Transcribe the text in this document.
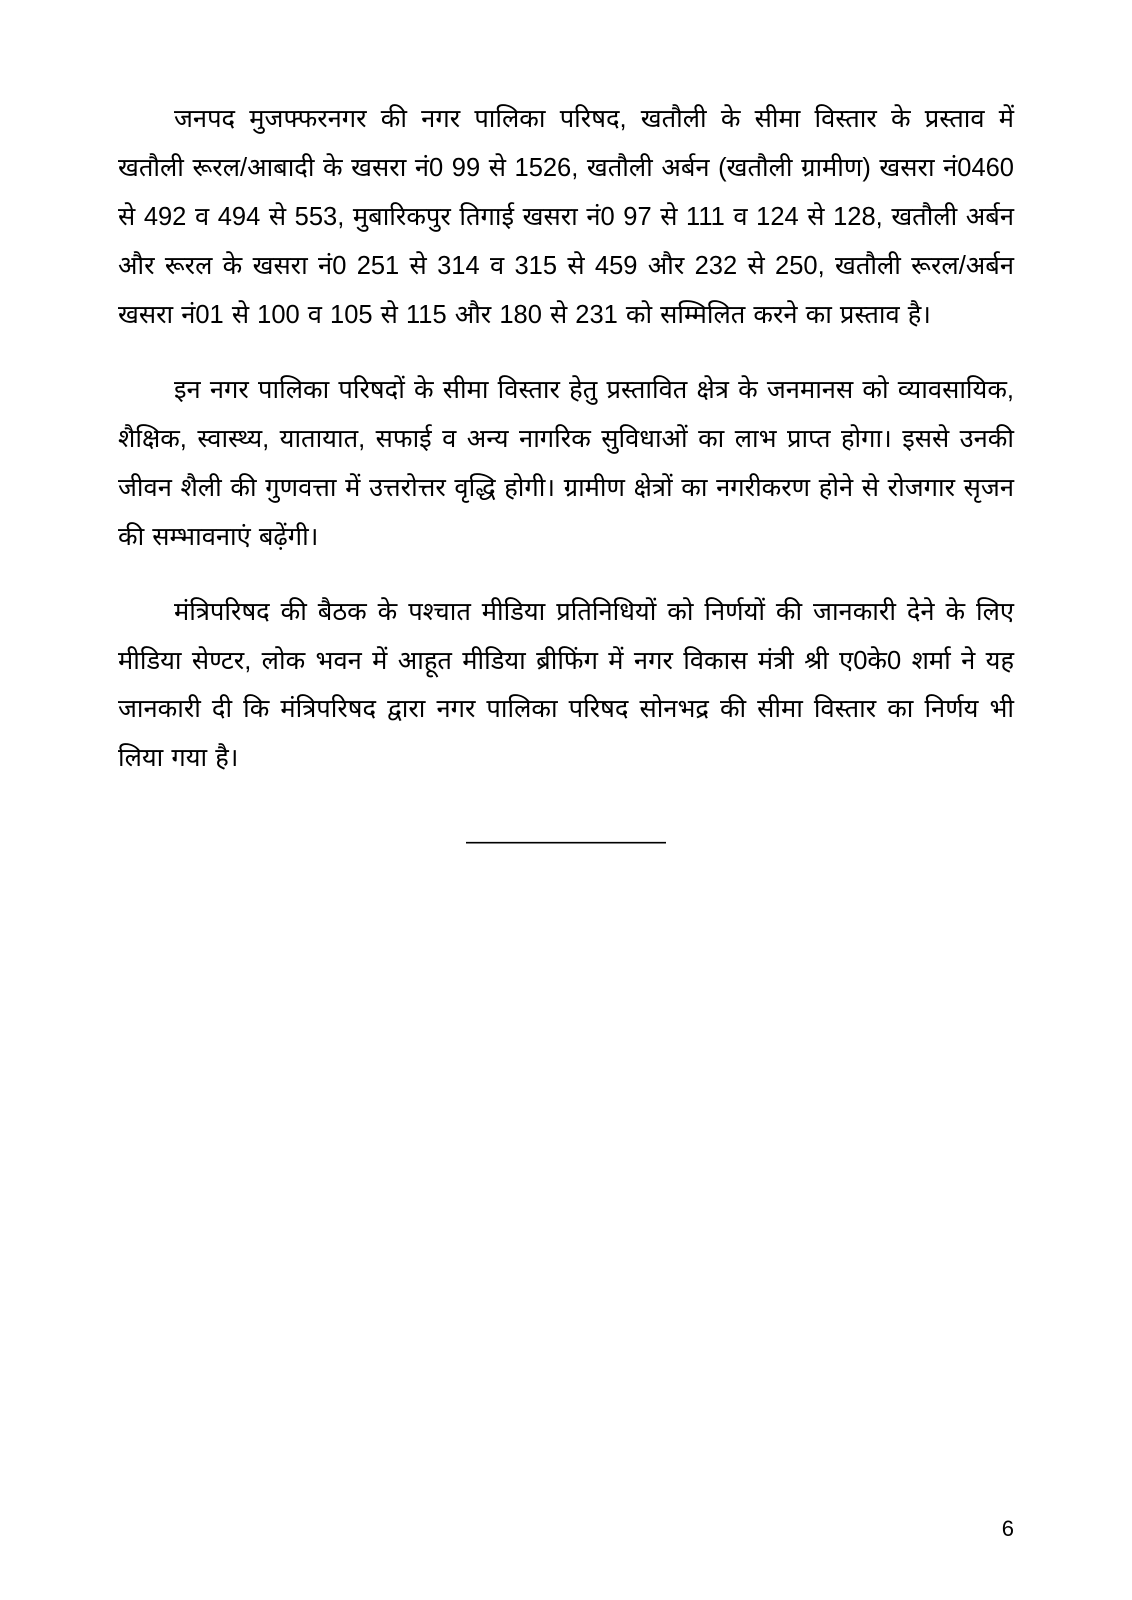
जनपद मुजफ्फरनगर की नगर पालिका परिषद, खतौली के सीमा विस्तार के प्रस्ताव में खतौली रूरल/आबादी के खसरा नं0 99 से 1526, खतौली अर्बन (खतौली ग्रामीण) खसरा नं0460 से 492 व 494 से 553, मुबारिकपुर तिगाई खसरा नं0 97 से 111 व 124 से 128, खतौली अर्बन और रूरल के खसरा नं0 251 से 314 व 315 से 459 और 232 से 250, खतौली रूरल/अर्बन खसरा नं01 से 100 व 105 से 115 और 180 से 231 को सम्मिलित करने का प्रस्ताव है।

इन नगर पालिका परिषदों के सीमा विस्तार हेतु प्रस्तावित क्षेत्र के जनमानस को व्यावसायिक, शैक्षिक, स्वास्थ्य, यातायात, सफाई व अन्य नागरिक सुविधाओं का लाभ प्राप्त होगा। इससे उनकी जीवन शैली की गुणवत्ता में उत्तरोत्तर वृद्धि होगी। ग्रामीण क्षेत्रों का नगरीकरण होने से रोजगार सृजन की सम्भावनाएं बढ़ेंगी।

मंत्रिपरिषद की बैठक के पश्चात मीडिया प्रतिनिधियों को निर्णयों की जानकारी देने के लिए मीडिया सेण्टर, लोक भवन में आहूत मीडिया ब्रीफिंग में नगर विकास मंत्री श्री ए0के0 शर्मा ने यह जानकारी दी कि मंत्रिपरिषद द्वारा नगर पालिका परिषद सोनभद्र की सीमा विस्तार का निर्णय भी लिया गया है।

————————
6
